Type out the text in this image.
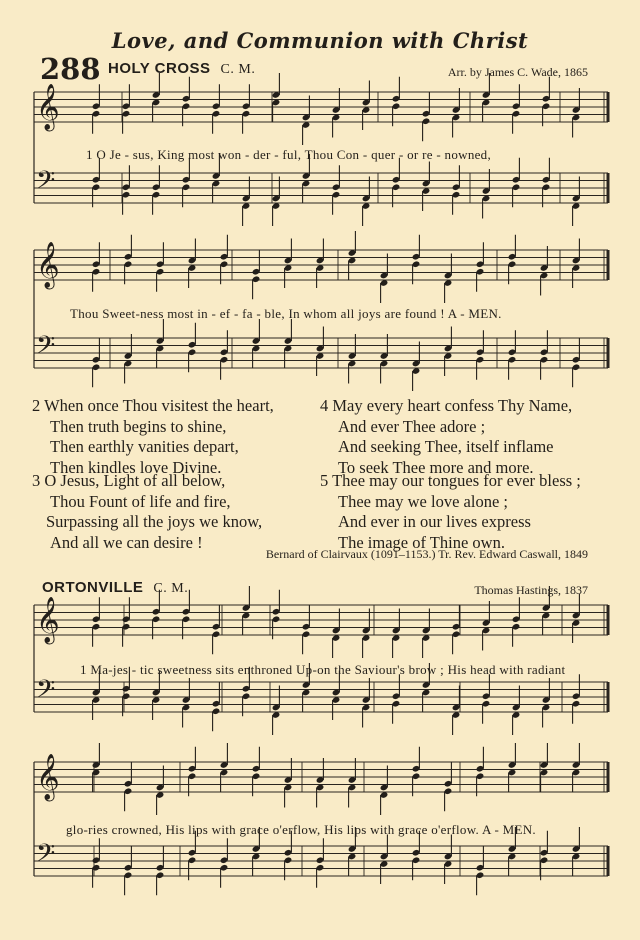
Love, and Communion with Christ
288 HOLY CROSS C. M.	Arr. by James C. Wade, 1865
𝄞
𝄢
𝄞
𝄢
𝄞
𝄢
𝄞
𝄢
1 O Je - sus, King most won - der - ful, Thou Con - quer - or re - nowned,
Thou Sweet-ness most in - ef - fa - ble, In whom all joys are found ! A - MEN.
2 When once Thou visitest the heart,
Then truth begins to shine,
Then earthly vanities depart,
Then kindles love Divine.
3 O Jesus, Light of all below,
Thou Fount of life and fire,
Surpassing all the joys we know,
And all we can desire !
4 May every heart confess Thy Name,
And ever Thee adore ;
And seeking Thee, itself inflame
To seek Thee more and more.
5 Thee may our tongues for ever bless ;
Thee may we love alone ;
And ever in our lives express
The image of Thine own.
Bernard of Clairvaux (1091–1153.) Tr. Rev. Edward Caswall, 1849
ORTONVILLE C. M.	Thomas Hastings, 1837
1 Ma-jes - tic sweetness sits enthroned Up-on the Saviour's brow ; His head with radiant
glo-ries crowned, His lips with grace o'erflow, His lips with grace o'erflow. A - MEN.
